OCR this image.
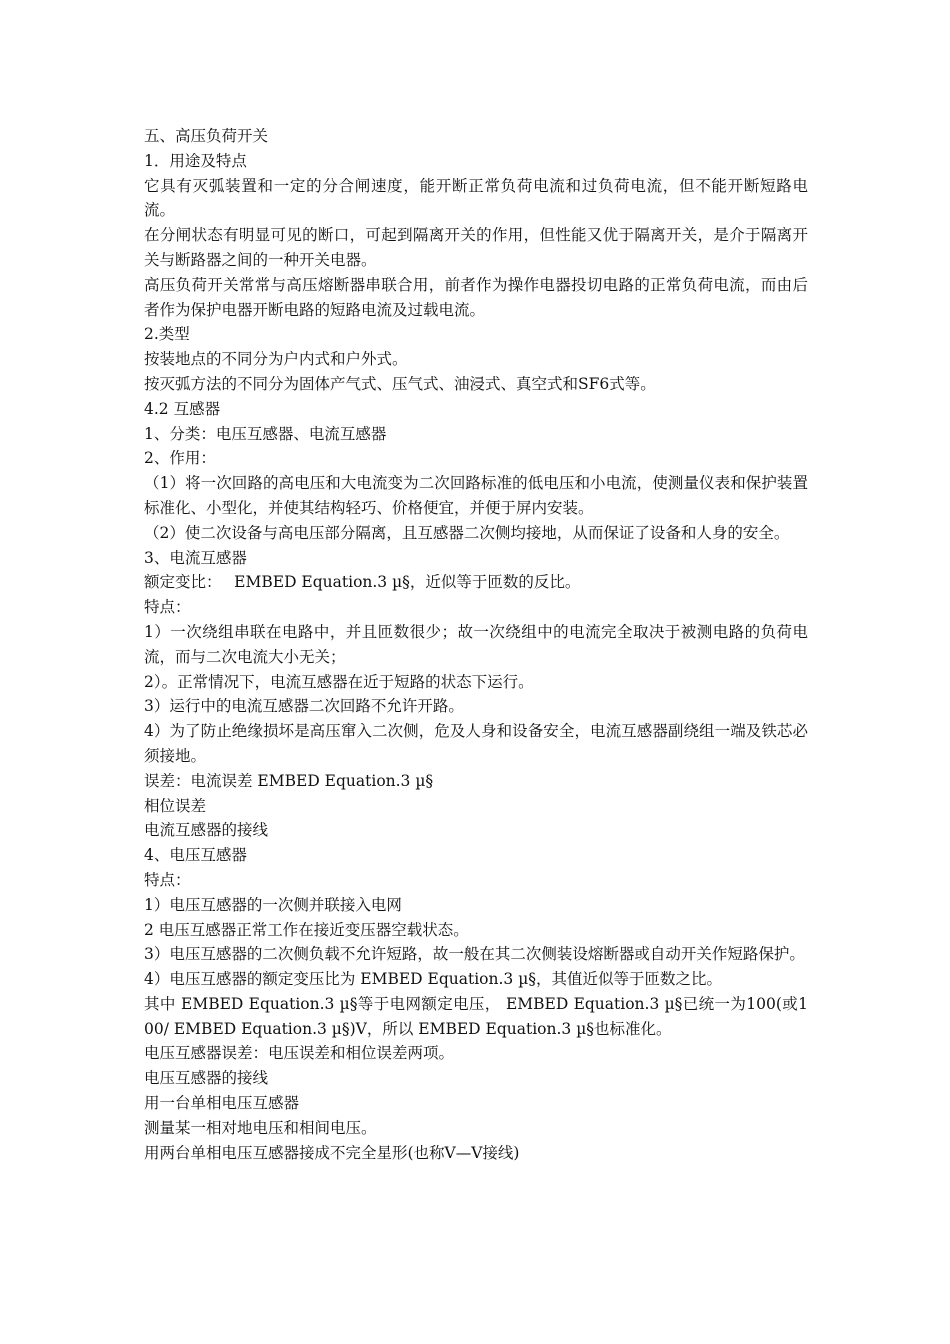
五、高压负荷开关
1．用途及特点
它具有灭弧装置和一定的分合闸速度，能开断正常负荷电流和过负荷电流，但不能开断短路电流。
在分闸状态有明显可见的断口，可起到隔离开关的作用，但性能又优于隔离开关，是介于隔离开关与断路器之间的一种开关电器。
高压负荷开关常常与高压熔断器串联合用，前者作为操作电器投切电路的正常负荷电流，而由后者作为保护电器开断电路的短路电流及过载电流。
2.类型
按装地点的不同分为户内式和户外式。
按灭弧方法的不同分为固体产气式、压气式、油浸式、真空式和SF6式等。
4.2 互感器
1、分类：电压互感器、电流互感器
2、作用：
（1）将一次回路的高电压和大电流变为二次回路标准的低电压和小电流，使测量仪表和保护装置标准化、小型化，并使其结构轻巧、价格便宜，并便于屏内安装。
（2）使二次设备与高电压部分隔离，且互感器二次侧均接地，从而保证了设备和人身的安全。
3、电流互感器
额定变比：　 EMBED Equation.3 µ§，近似等于匝数的反比。
特点：
1）一次绕组串联在电路中，并且匝数很少；故一次绕组中的电流完全取决于被测电路的负荷电流，而与二次电流大小无关；
2）。正常情况下，电流互感器在近于短路的状态下运行。
3）运行中的电流互感器二次回路不允许开路。
4）为了防止绝缘损坏是高压窜入二次侧，危及人身和设备安全，电流互感器副绕组一端及铁芯必须接地。
误差：电流误差 EMBED Equation.3 µ§
相位误差
电流互感器的接线
4、电压互感器
特点：
1）电压互感器的一次侧并联接入电网
2 电压互感器正常工作在接近变压器空载状态。
3）电压互感器的二次侧负载不允许短路，故一般在其二次侧装设熔断器或自动开关作短路保护。
4）电压互感器的额定变压比为 EMBED Equation.3 µ§，其值近似等于匝数之比。
其中 EMBED Equation.3 µ§等于电网额定电压， EMBED Equation.3 µ§已统一为100(或100/ EMBED Equation.3 µ§)V，所以 EMBED Equation.3 µ§也标准化。
电压互感器误差：电压误差和相位误差两项。
电压互感器的接线
用一台单相电压互感器
测量某一相对地电压和相间电压。
用两台单相电压互感器接成不完全星形(也称V—V接线)
